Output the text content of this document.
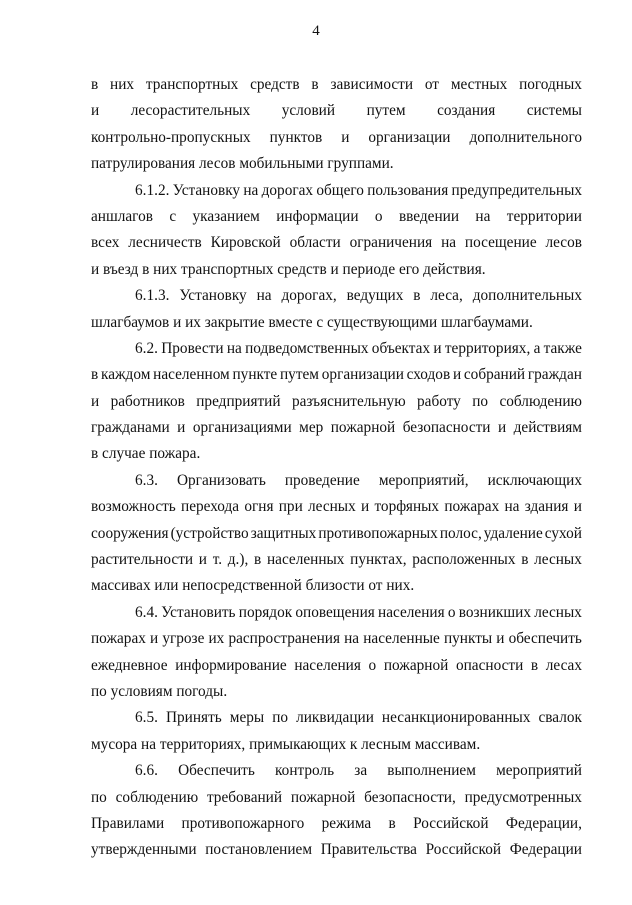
4
в них транспортных средств в зависимости от местных погодных
и лесорастительных условий путем создания системы
контрольно-пропускных пунктов и организации дополнительного
патрулирования лесов мобильными группами.
6.1.2. Установку на дорогах общего пользования предупредительных
аншлагов с указанием информации о введении на территории
всех лесничеств Кировской области ограничения на посещение лесов
и въезд в них транспортных средств и периоде его действия.
6.1.3. Установку на дорогах, ведущих в леса, дополнительных
шлагбаумов и их закрытие вместе с существующими шлагбаумами.
6.2. Провести на подведомственных объектах и территориях, а также
в каждом населенном пункте путем организации сходов и собраний граждан
и работников предприятий разъяснительную работу по соблюдению
гражданами и организациями мер пожарной безопасности и действиям
в случае пожара.
6.3. Организовать проведение мероприятий, исключающих
возможность перехода огня при лесных и торфяных пожарах на здания и
сооружения (устройство защитных противопожарных полос, удаление сухой
растительности и т. д.), в населенных пунктах, расположенных в лесных
массивах или непосредственной близости от них.
6.4. Установить порядок оповещения населения о возникших лесных
пожарах и угрозе их распространения на населенные пункты и обеспечить
ежедневное информирование населения о пожарной опасности в лесах
по условиям погоды.
6.5. Принять меры по ликвидации несанкционированных свалок
мусора на территориях, примыкающих к лесным массивам.
6.6. Обеспечить контроль за выполнением мероприятий
по соблюдению требований пожарной безопасности, предусмотренных
Правилами противопожарного режима в Российской Федерации,
утвержденными постановлением Правительства Российской Федерации
